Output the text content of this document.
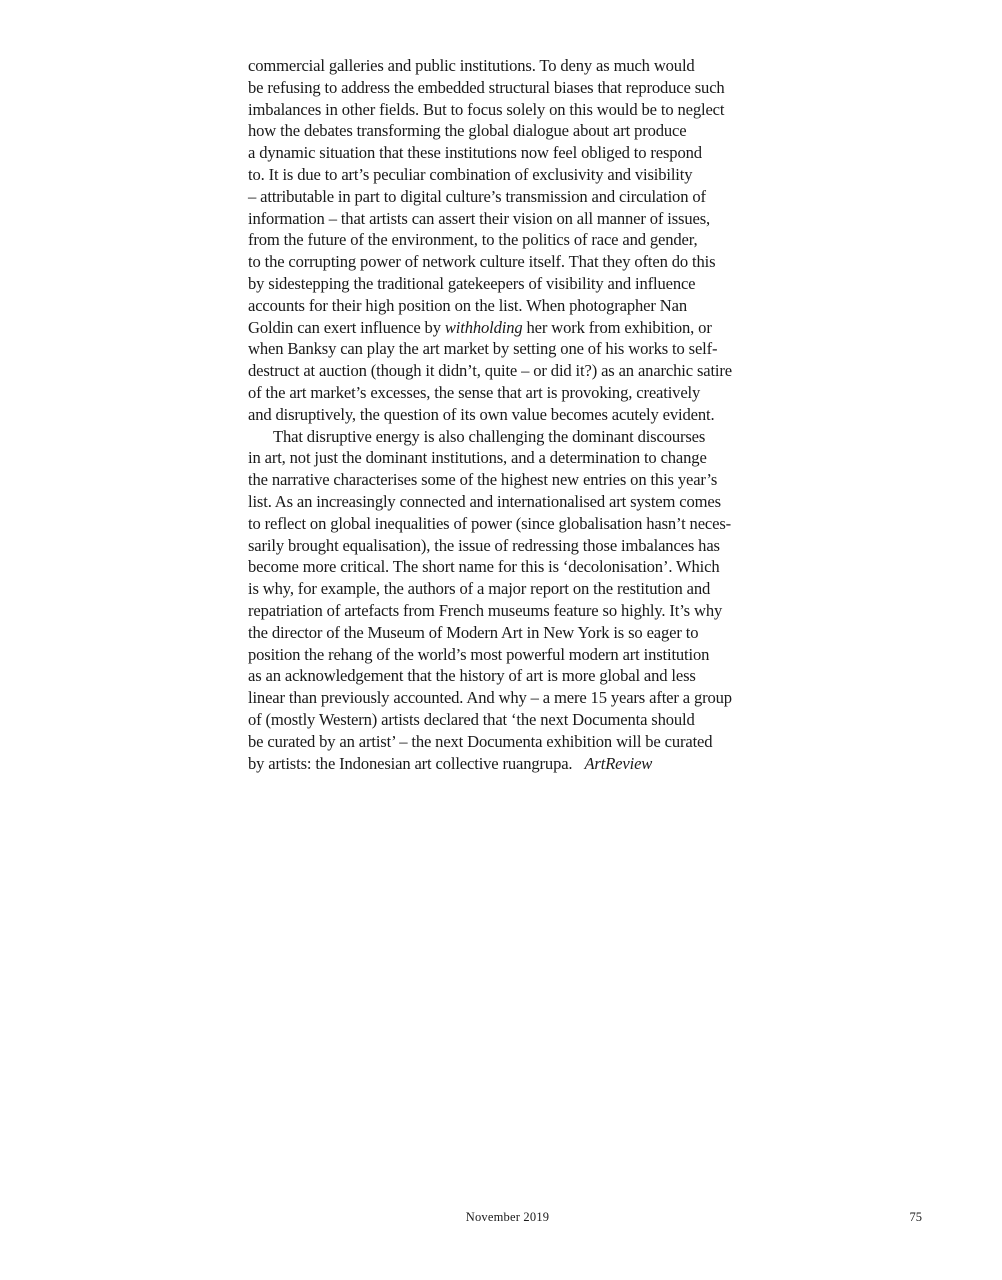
commercial galleries and public institutions. To deny as much would
be refusing to address the embedded structural biases that reproduce such
imbalances in other fields. But to focus solely on this would be to neglect
how the debates transforming the global dialogue about art produce
a dynamic situation that these institutions now feel obliged to respond
to. It is due to art’s peculiar combination of exclusivity and visibility
– attributable in part to digital culture’s transmission and circulation of
information – that artists can assert their vision on all manner of issues,
from the future of the environment, to the politics of race and gender,
to the corrupting power of network culture itself. That they often do this
by sidestepping the traditional gatekeepers of visibility and influence
accounts for their high position on the list. When photographer Nan
Goldin can exert influence by withholding her work from exhibition, or
when Banksy can play the art market by setting one of his works to self-
destruct at auction (though it didn’t, quite – or did it?) as an anarchic satire
of the art market’s excesses, the sense that art is provoking, creatively
and disruptively, the question of its own value becomes acutely evident.
That disruptive energy is also challenging the dominant discourses
in art, not just the dominant institutions, and a determination to change
the narrative characterises some of the highest new entries on this year’s
list. As an increasingly connected and internationalised art system comes
to reflect on global inequalities of power (since globalisation hasn’t neces-
sarily brought equalisation), the issue of redressing those imbalances has
become more critical. The short name for this is ‘decolonisation’. Which
is why, for example, the authors of a major report on the restitution and
repatriation of artefacts from French museums feature so highly. It’s why
the director of the Museum of Modern Art in New York is so eager to
position the rehang of the world’s most powerful modern art institution
as an acknowledgement that the history of art is more global and less
linear than previously accounted. And why – a mere 15 years after a group
of (mostly Western) artists declared that ‘the next Documenta should
be curated by an artist’ – the next Documenta exhibition will be curated
by artists: the Indonesian art collective ruangrupa. ArtReview
November 2019	75
